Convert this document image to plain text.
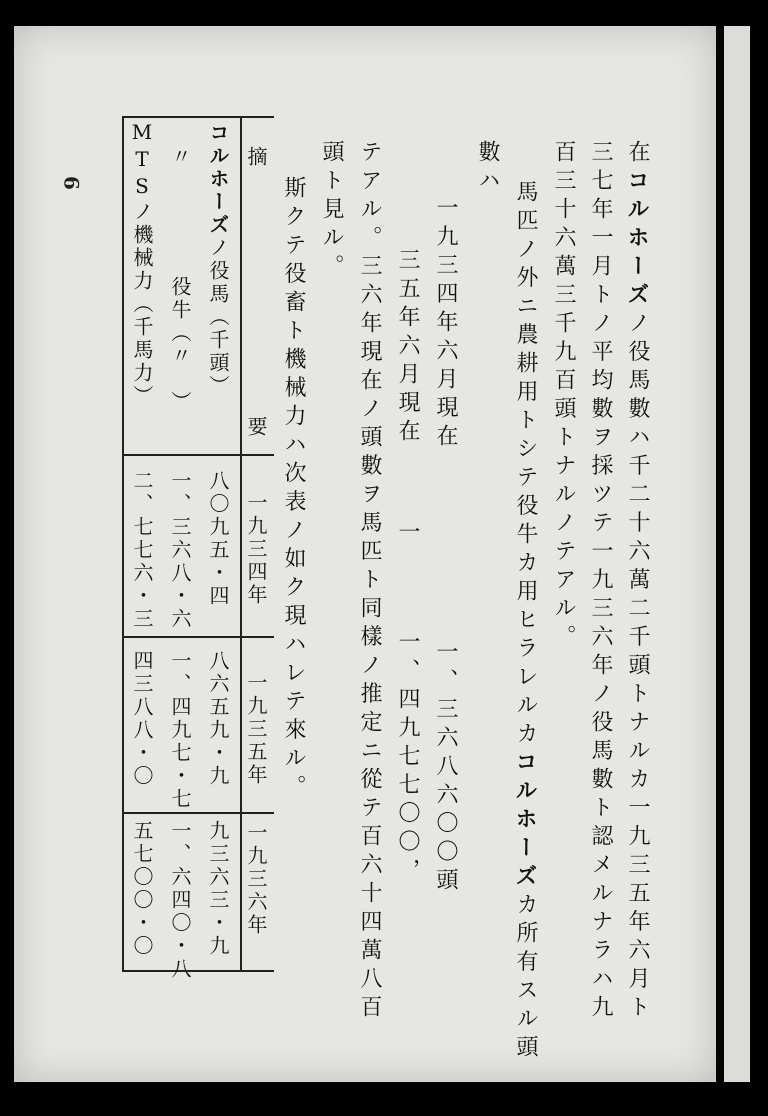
9
在コルホーズノ役馬數ハ千二十六萬二千頭トナルカ一九三五年六月ト
三七年一月トノ平均數ヲ採ツテ一九三六年ノ役馬數ト認メルナラハ九
百三十六萬三千九百頭トナルノテアル。
馬匹ノ外ニ農耕用トシテ役牛カ用ヒラレルカコルホーズカ所有スル頭
數ハ
一九三四年六月現在
一、三六八六〇〇頭
三五年六月現在
一
一、四九七七〇〇，
テアル。三六年現在ノ頭數ヲ馬匹ト同樣ノ推定ニ從テ百六十四萬八百
頭ト見ル。
斯クテ役畜ト機械力ハ次表ノ如ク現ハレテ來ル。
摘
要
一九三四年
一九三五年
一九三六年
コルホーズノ役馬（千頭）
八〇九五・四
八六五九・九
九三六三・九
〃
役牛（〃　）
一、三六八・六
一、四九七・七
一、六四〇・八
MTSノ機械力（千馬力）
二、七七六・三
四三八八・〇
五七〇〇・〇
